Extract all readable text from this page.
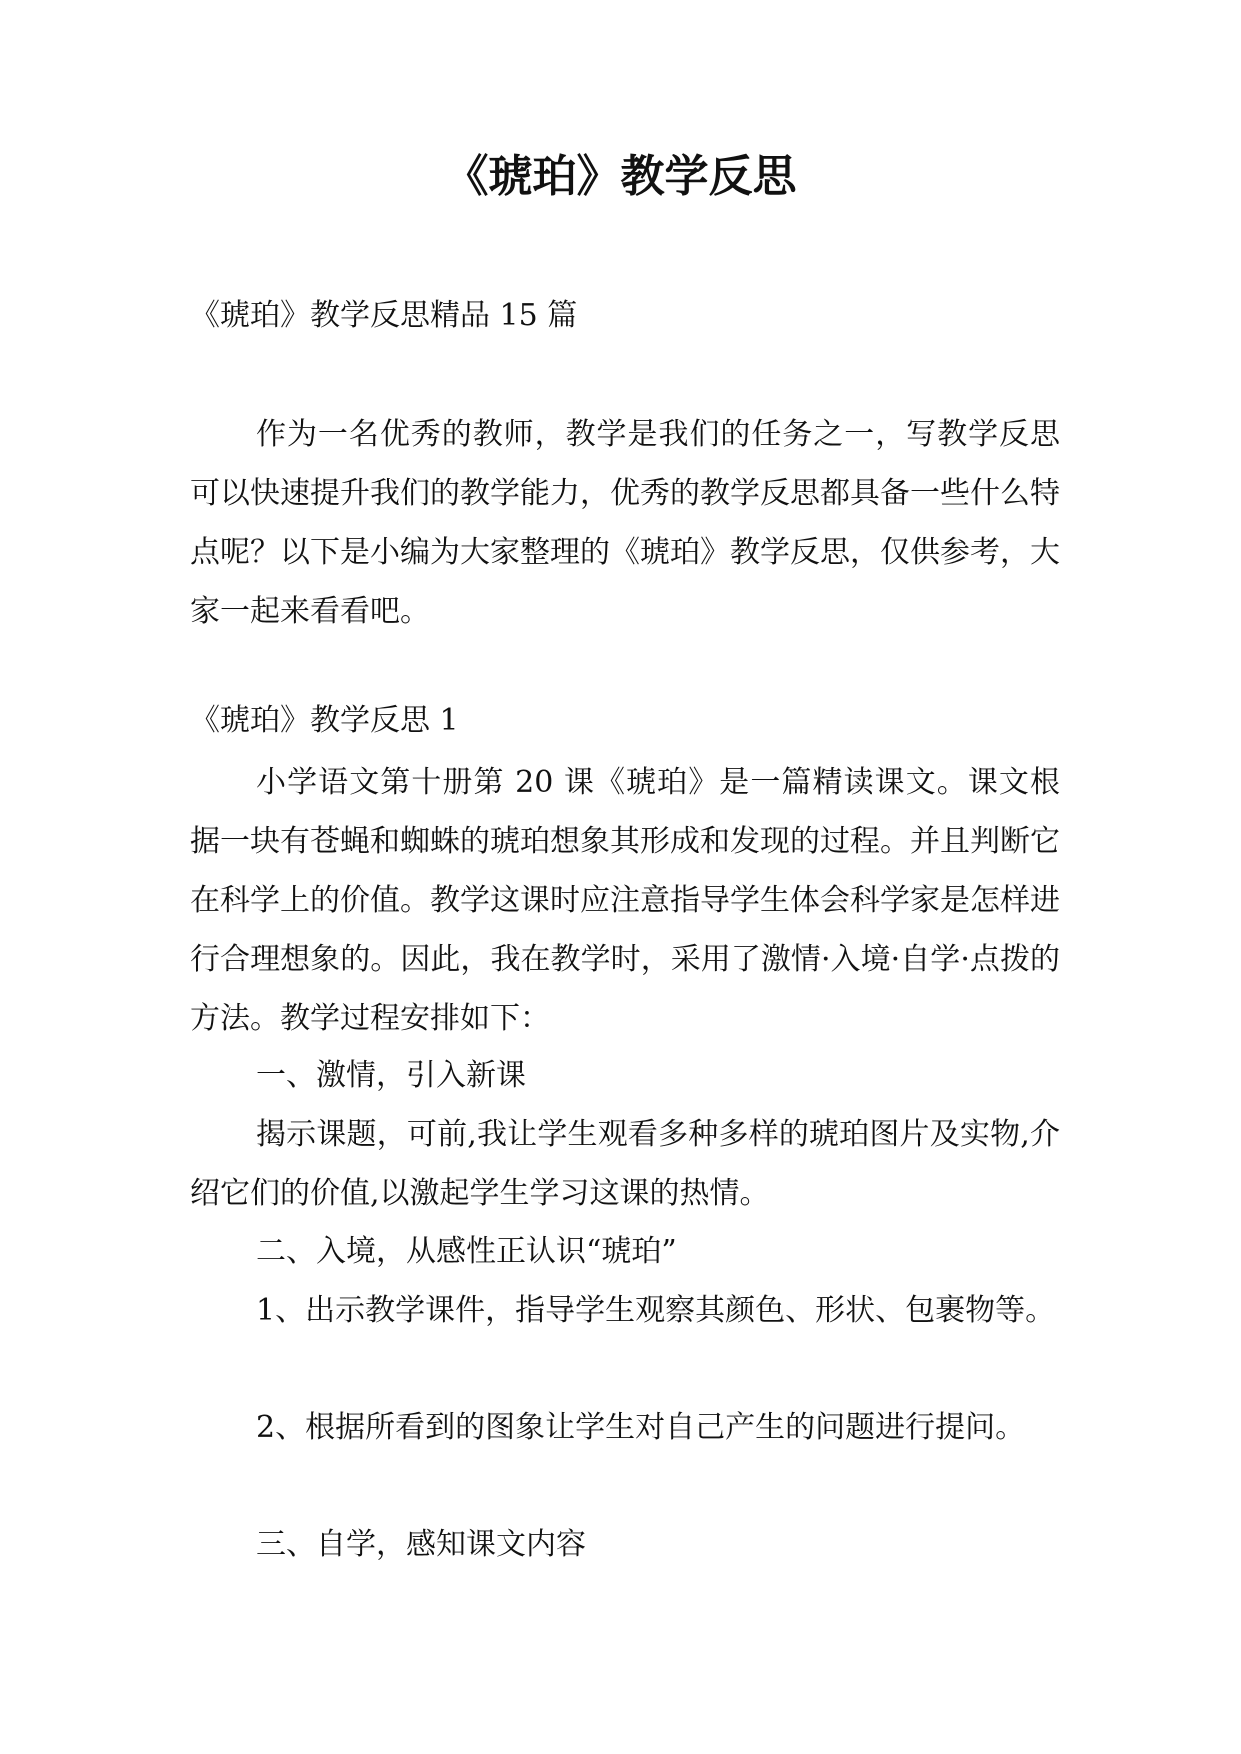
《琥珀》教学反思

《琥珀》教学反思精品 15 篇

作为一名优秀的教师，教学是我们的任务之一，写教学反思可以快速提升我们的教学能力，优秀的教学反思都具备一些什么特点呢？以下是小编为大家整理的《琥珀》教学反思，仅供参考，大家一起来看看吧。

《琥珀》教学反思 1

小学语文第十册第 20 课《琥珀》是一篇精读课文。课文根据一块有苍蝇和蜘蛛的琥珀想象其形成和发现的过程。并且判断它在科学上的价值。教学这课时应注意指导学生体会科学家是怎样进行合理想象的。因此，我在教学时，采用了激情·入境·自学·点拨的方法。教学过程安排如下：

一、激情，引入新课

揭示课题，可前,我让学生观看多种多样的琥珀图片及实物,介绍它们的价值,以激起学生学习这课的热情。

二、入境，从感性正认识“琥珀”

1、出示教学课件，指导学生观察其颜色、形状、包裹物等。

2、根据所看到的图象让学生对自己产生的问题进行提问。

三、自学，感知课文内容
